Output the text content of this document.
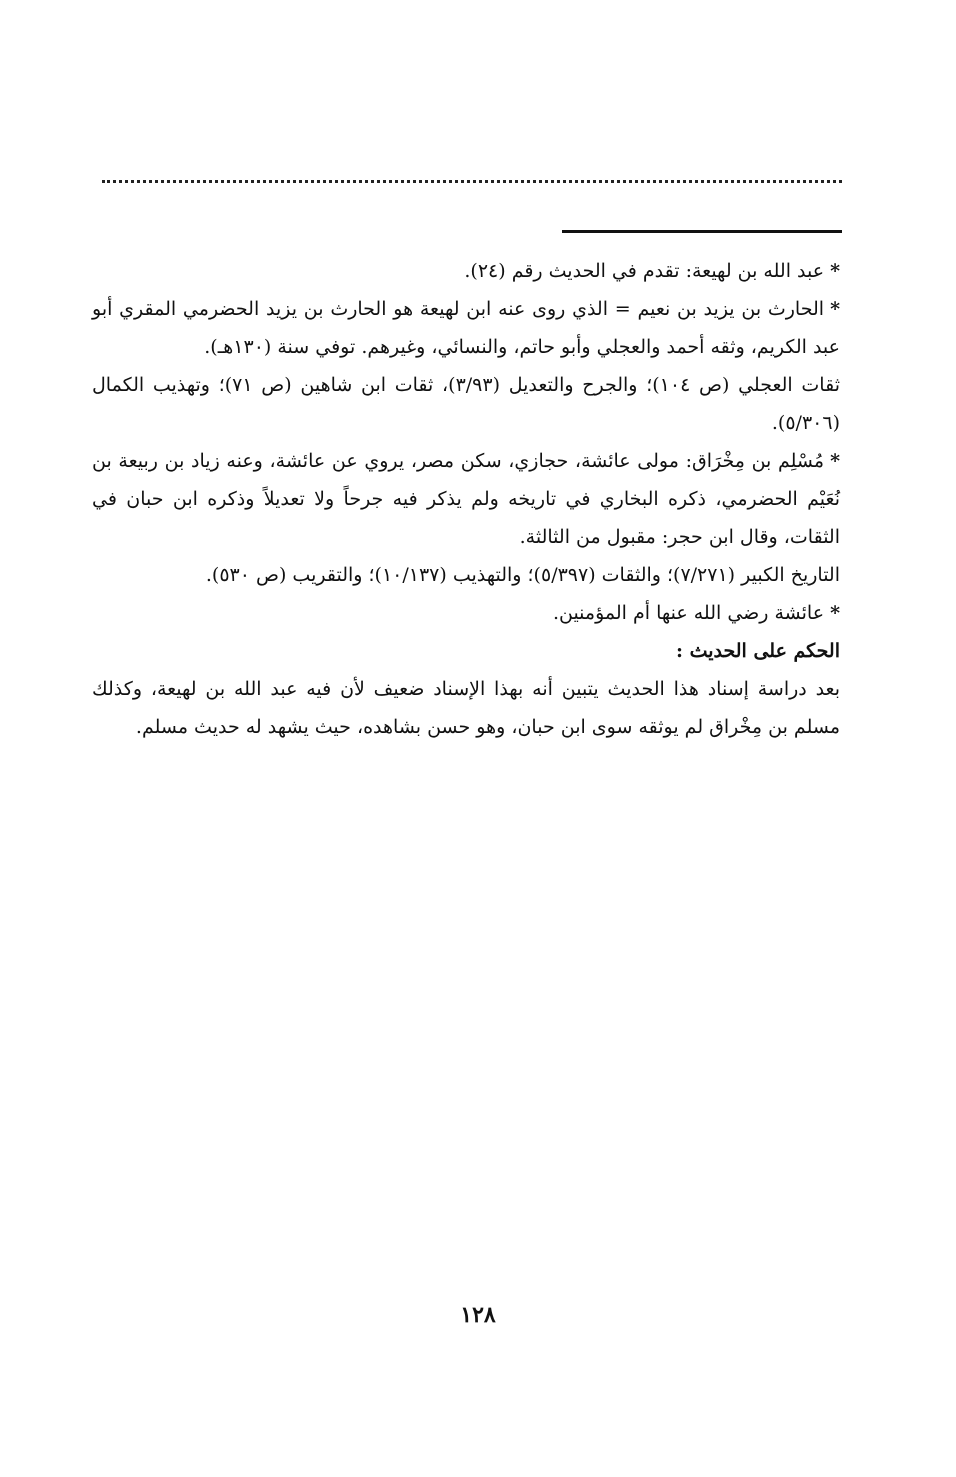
*عبد الله بن لهيعة: تقدم في الحديث رقم (٢٤).

*الحارث بن يزيد بن نعيم = الذي روى عنه ابن لهيعة هو الحارث بن يزيد الحضرمي المقري أبو عبد الكريم، وثقه أحمد والعجلي وأبو حاتم، والنسائي، وغيرهم. توفي سنة (١٣٠هـ).

ثقات العجلي (ص ١٠٤)؛ والجرح والتعديل (٣/٩٣)، ثقات ابن شاهين (ص ٧١)؛ وتهذيب الكمال (٥/٣٠٦).

*مُسْلِم بن مِخْرَاق: مولى عائشة، حجازي، سكن مصر، يروي عن عائشة، وعنه زياد بن ربيعة بن نُعَيْم الحضرمي، ذكره البخاري في تاريخه ولم يذكر فيه جرحاً ولا تعديلاً وذكره ابن حبان في الثقات، وقال ابن حجر: مقبول من الثالثة.

التاريخ الكبير (٧/٢٧١)؛ والثقات (٥/٣٩٧)؛ والتهذيب (١٠/١٣٧)؛ والتقريب (ص ٥٣٠).

*عائشة رضي الله عنها أم المؤمنين.

الحكم على الحديث :

بعد دراسة إسناد هذا الحديث يتبين أنه بهذا الإسناد ضعيف لأن فيه عبد الله بن لهيعة، وكذلك مسلم بن مِخْراق لم يوثقه سوى ابن حبان، وهو حسن بشاهده، حيث يشهد له حديث مسلم.

١٢٨
